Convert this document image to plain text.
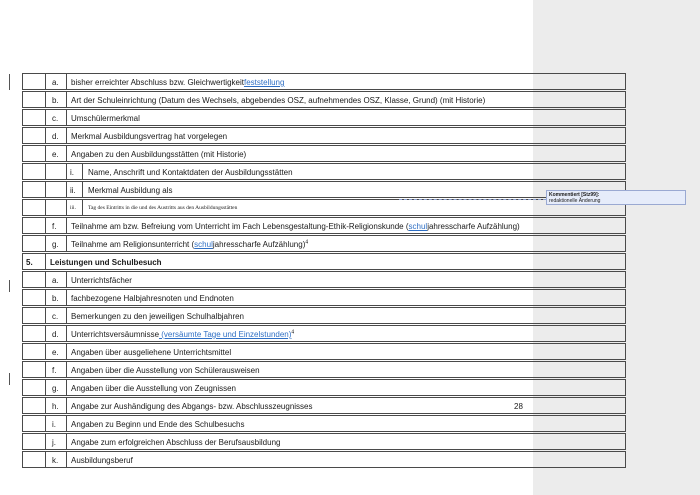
a.	bisher erreichter Abschluss bzw. Gleichwertigkeitfeststellung
b.	Art der Schuleinrichtung (Datum des Wechsels, abgebendes OSZ, aufnehmendes OSZ, Klasse, Grund) (mit Historie)
c.	Umschülermerkmal
d.	Merkmal Ausbildungsvertrag hat vorgelegen
e.	Angaben zu den Ausbildungsstätten (mit Historie)
i.	Name, Anschrift und Kontaktdaten der Ausbildungsstätten
ii.	Merkmal Ausbildung als
iii.	Tag des Eintritts in die und des Austritts aus den Ausbildungsstätten
f.	Teilnahme am bzw. Befreiung vom Unterricht im Fach Lebensgestaltung-Ethik-Religionskunde (schuljahresscharfe Aufzählung)
g.	Teilnahme am Religionsunterricht (schuljahresscharfe Aufzählung)$^4$
5.	Leistungen und Schulbesuch
a.	Unterrichtsfächer
b.	fachbezogene Halbjahresnoten und Endnoten
c.	Bemerkungen zu den jeweiligen Schulhalbjahren
d.	Unterrichtsversäumnisse (versäumte Tage und Einzelstunden)$^4$
e.	Angaben über ausgeliehene Unterrichtsmittel
f.	Angaben über die Ausstellung von Schülerausweisen
g.	Angaben über die Ausstellung von Zeugnissen
h.	Angabe zur Aushändigung des Abgangs- bzw. Abschlusszeugnisses
i.	Angaben zu Beginn und Ende des Schulbesuchs
j.	Angabe zum erfolgreichen Abschluss der Berufsausbildung
k.	Ausbildungsberuf
Kommentiert [Stz99]:
redaktionelle Änderung
28
